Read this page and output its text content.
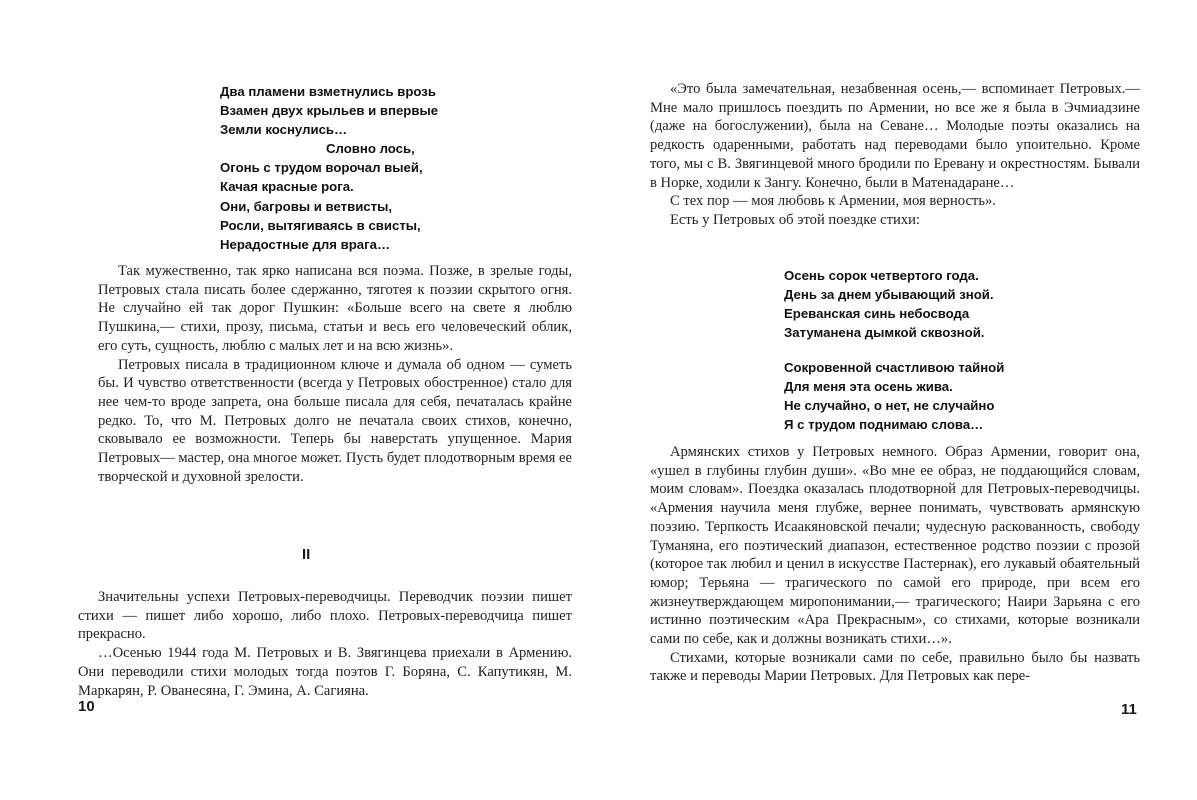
Два пламени взметнулись врозь
Взамен двух крыльев и впервые
Земли коснулись…
Словно лось,
Огонь с трудом ворочал выей,
Качая красные рога.
Они, багровы и ветвисты,
Росли, вытягиваясь в свисты,
Нерадостные для врага…

Так мужественно, так ярко написана вся поэма. Позже, в зрелые годы, Петровых стала писать более сдержанно, тяготея к поэзии скрытого огня. Не случайно ей так дорог Пушкин: «Больше всего на свете я люблю Пушкина,— стихи, прозу, письма, статьи и весь его человеческий облик, его суть, сущность, люблю с малых лет и на всю жизнь».

Петровых писала в традиционном ключе и думала об одном — суметь бы. И чувство ответственности (всегда у Петровых обостренное) стало для нее чем-то вроде запрета, она больше писала для себя, печаталась крайне редко. То, что М. Петровых долго не печатала своих стихов, конечно, сковывало ее возможности. Теперь бы наверстать упущенное. Мария Петровых— мастер, она многое может. Пусть будет плодотворным время ее творческой и духовной зрелости.

II

Значительны успехи Петровых-переводчицы. Переводчик поэзии пишет стихи — пишет либо хорошо, либо плохо. Петровых-переводчица пишет прекрасно.

…Осенью 1944 года М. Петровых и В. Звягинцева приехали в Армению. Они переводили стихи молодых тогда поэтов Г. Боряна, С. Капутикян, М. Маркарян, Р. Ованесяна, Г. Эмина, А. Сагияна.

10

«Это была замечательная, незабвенная осень,— вспоминает Петровых.— Мне мало пришлось поездить по Армении, но все же я была в Эчмиадзине (даже на богослужении), была на Севане… Молодые поэты оказались на редкость одаренными, работать над переводами было упоительно. Кроме того, мы с В. Звягинцевой много бродили по Еревану и окрестностям. Бывали в Норке, ходили к Зангу. Конечно, были в Матенадаране…

С тех пор — моя любовь к Армении, моя верность».

Есть у Петровых об этой поездке стихи:

Осень сорок четвертого года.
День за днем убывающий зной.
Ереванская синь небосвода
Затуманена дымкой сквозной.
Сокровенной счастливою тайной
Для меня эта осень жива.
Не случайно, о нет, не случайно
Я с трудом поднимаю слова…

Армянских стихов у Петровых немного. Образ Армении, говорит она, «ушел в глубины глубин души». «Во мне ее образ, не поддающийся словам, моим словам». Поездка оказалась плодотворной для Петровых-переводчицы. «Армения научила меня глубже, вернее понимать, чувствовать армянскую поэзию. Терпкость Исаакяновской печали; чудесную раскованность, свободу Туманяна, его поэтический диапазон, естественное родство поэзии с прозой (которое так любил и ценил в искусстве Пастернак), его лукавый обаятельный юмор; Терьяна — трагического по самой его природе, при всем его жизнеутверждающем миропонимании,— трагического; Наири Зарьяна с его истинно поэтическим «Ара Прекрасным», со стихами, которые возникали сами по себе, как и должны возникать стихи…».

Стихами, которые возникали сами по себе, правильно было бы назвать также и переводы Марии Петровых. Для Петровых как пере-

11
